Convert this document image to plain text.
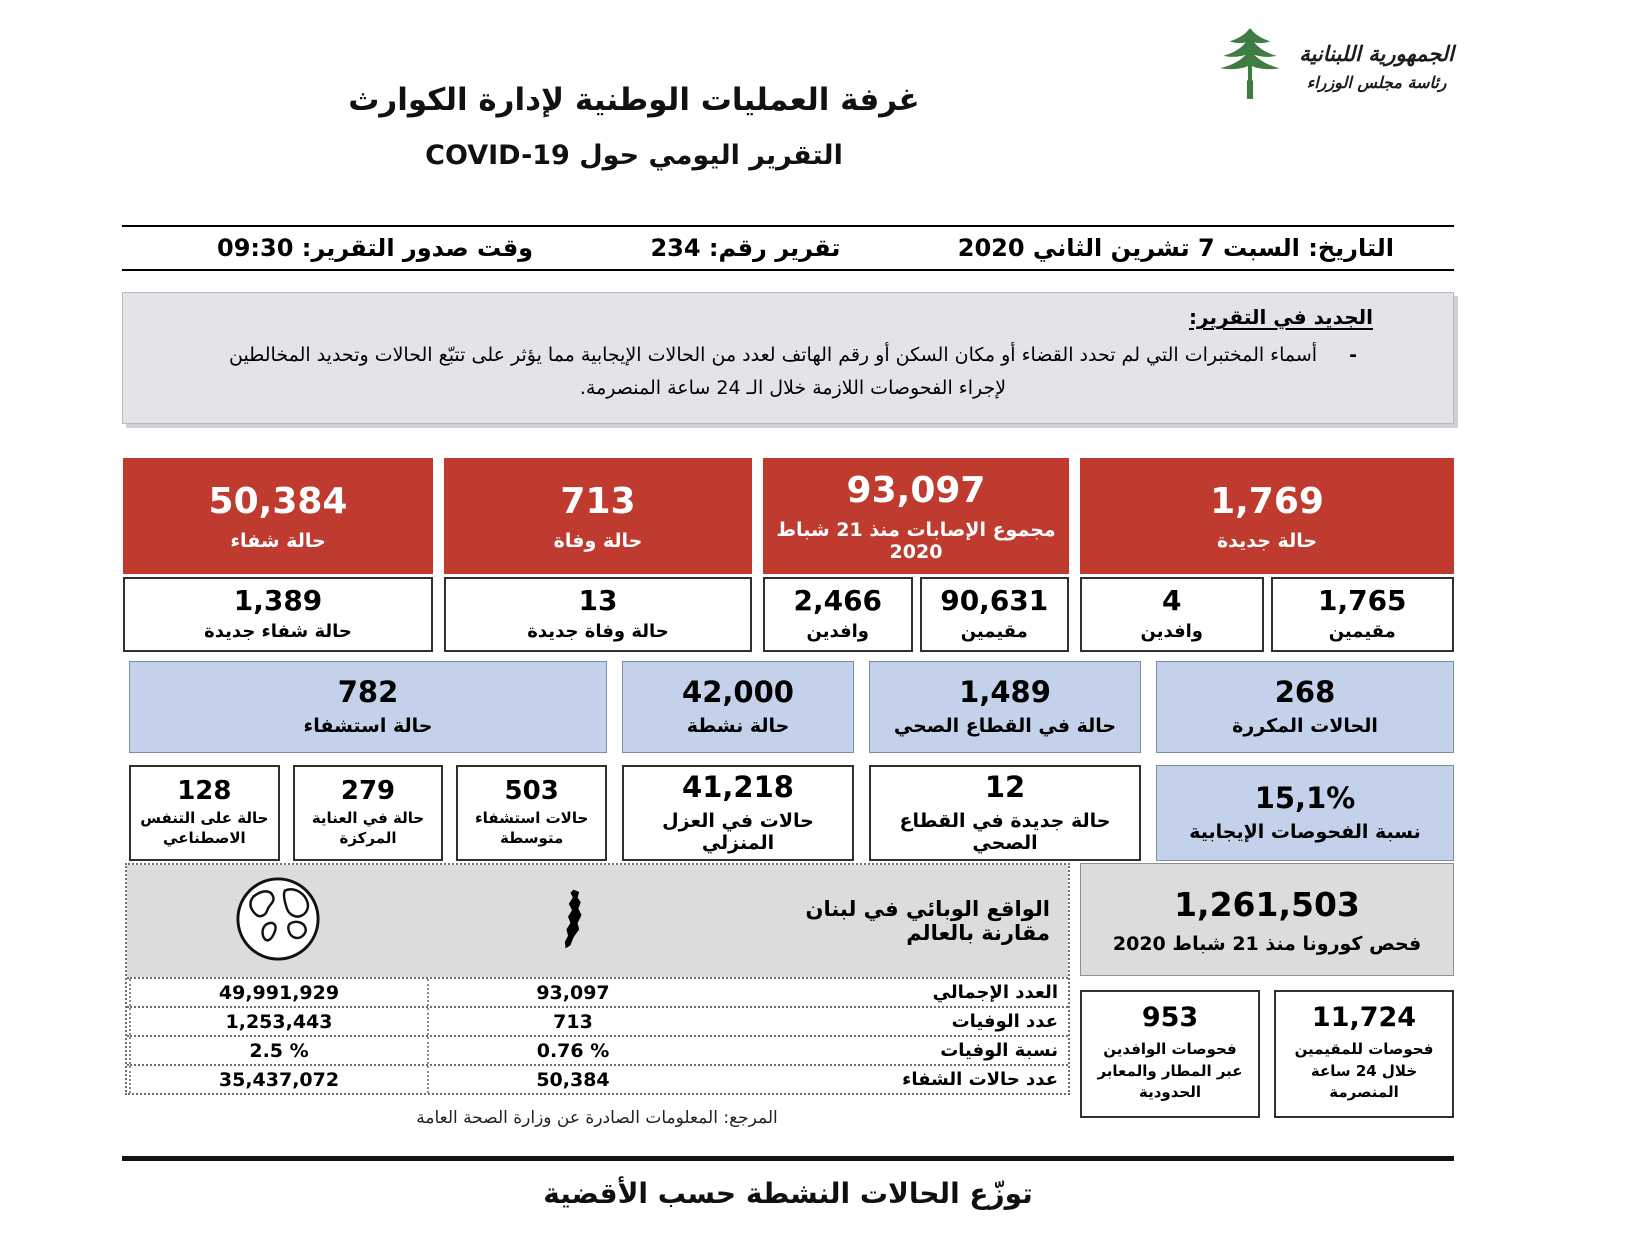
الجمهورية اللبنانية
رئاسة مجلس الوزراء
غرفة العمليات الوطنية لإدارة الكوارث
التقرير اليومي حول COVID-19
التاريخ: السبت 7 تشرين الثاني 2020
تقرير رقم: 234
وقت صدور التقرير: 09:30
الجديد في التقرير:
- أسماء المختبرات التي لم تحدد القضاء أو مكان السكن أو رقم الهاتف لعدد من الحالات الإيجابية مما يؤثر على تتبّع الحالات وتحديد المخالطين لإجراء الفحوصات اللازمة خلال الـ 24 ساعة المنصرمة.
1,769
حالة جديدة
1,765
مقيمين
4
وافدين
93,097
مجموع الإصابات منذ 21 شباط 2020
90,631
مقيمين
2,466
وافدين
713
حالة وفاة
13
حالة وفاة جديدة
50,384
حالة شفاء
1,389
حالة شفاء جديدة
268
الحالات المكررة
1,489
حالة في القطاع الصحي
42,000
حالة نشطة
782
حالة استشفاء
15,1%
نسبة الفحوصات الإيجابية
12
حالة جديدة في القطاع الصحي
41,218
حالات في العزل المنزلي
503
حالات استشفاء متوسطة
279
حالة في العناية المركزة
128
حالة على التنفس الاصطناعي
1,261,503
فحص كورونا منذ 21 شباط 2020
11,724
فحوصات للمقيمين خلال 24 ساعة المنصرمة
953
فحوصات الوافدين عبر المطار والمعابر الحدودية
الواقع الوبائي في لبنان مقارنة بالعالم
العدد الإجمالي
93,097
49,991,929
عدد الوفيات
713
1,253,443
نسبة الوفيات
0.76 %
2.5 %
عدد حالات الشفاء
50,384
35,437,072
المرجع: المعلومات الصادرة عن وزارة الصحة العامة
توزّع الحالات النشطة حسب الأقضية
